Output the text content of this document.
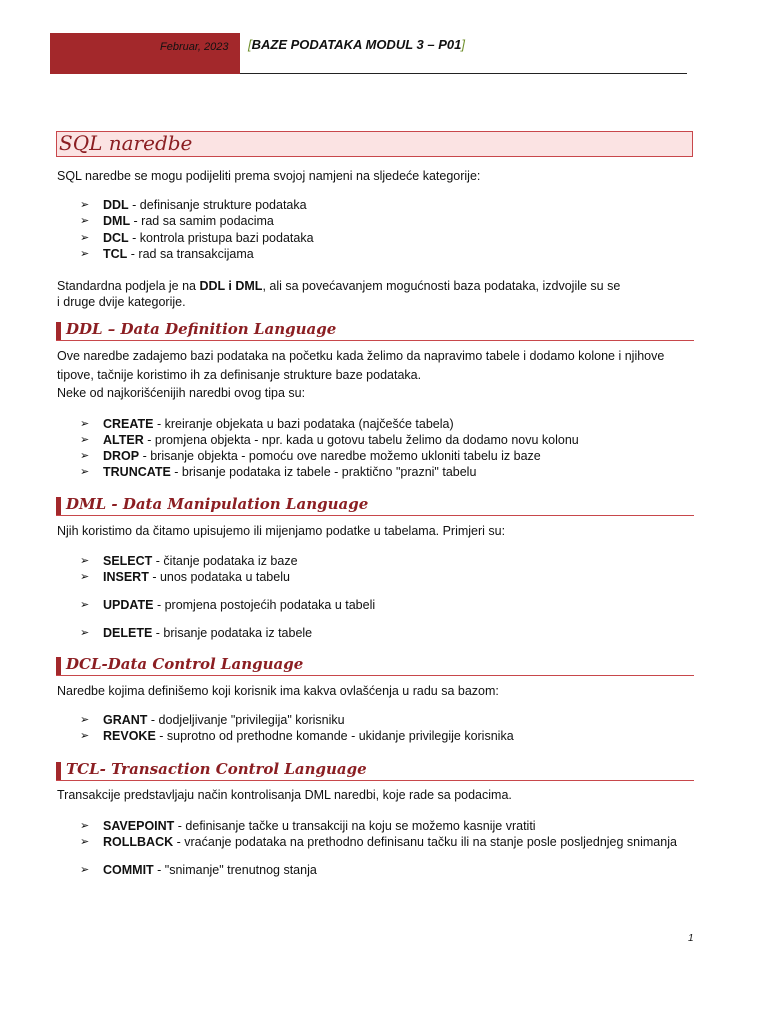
Februar, 2023 [BAZE PODATAKA MODUL 3 – P01]
SQL naredbe
SQL naredbe se mogu podijeliti prema svojoj namjeni na sljedeće kategorije:
➢ DDL - definisanje strukture podataka
➢ DML - rad sa samim podacima
➢ DCL - kontrola pristupa bazi podataka
➢ TCL - rad sa transakcijama
Standardna podjela je na DDL i DML, ali sa povećavanjem mogućnosti baza podataka, izdvojile su se
i druge dvije kategorije.
DDL – Data Definition Language
Ove naredbe zadajemo bazi podataka na početku kada želimo da napravimo tabele i dodamo kolone i njihove
tipove, tačnije koristimo ih za definisanje strukture baze podataka.
Neke od najkorišćenijih naredbi ovog tipa su:
➢ CREATE - kreiranje objekata u bazi podataka (najčešće tabela)
➢ ALTER - promjena objekta - npr. kada u gotovu tabelu želimo da dodamo novu kolonu
➢ DROP - brisanje objekta - pomoću ove naredbe možemo ukloniti tabelu iz baze
➢ TRUNCATE - brisanje podataka iz tabele - praktično "prazni" tabelu
DML - Data Manipulation Language
Njih koristimo da čitamo upisujemo ili mijenjamo podatke u tabelama. Primjeri su:
➢ SELECT - čitanje podataka iz baze
➢ INSERT - unos podataka u tabelu
➢ UPDATE - promjena postojećih podataka u tabeli
➢ DELETE - brisanje podataka iz tabele
DCL-Data Control Language
Naredbe kojima definišemo koji korisnik ima kakva ovlašćenja u radu sa bazom:
➢ GRANT - dodjeljivanje "privilegija" korisniku
➢ REVOKE - suprotno od prethodne komande - ukidanje privilegije korisnika
TCL- Transaction Control Language
Transakcije predstavljaju način kontrolisanja DML naredbi, koje rade sa podacima.
➢ SAVEPOINT - definisanje tačke u transakciji na koju se možemo kasnije vratiti
➢ ROLLBACK - vraćanje podataka na prethodno definisanu tačku ili na stanje posle posljednjeg snimanja
➢ COMMIT - "snimanje" trenutnog stanja
1
